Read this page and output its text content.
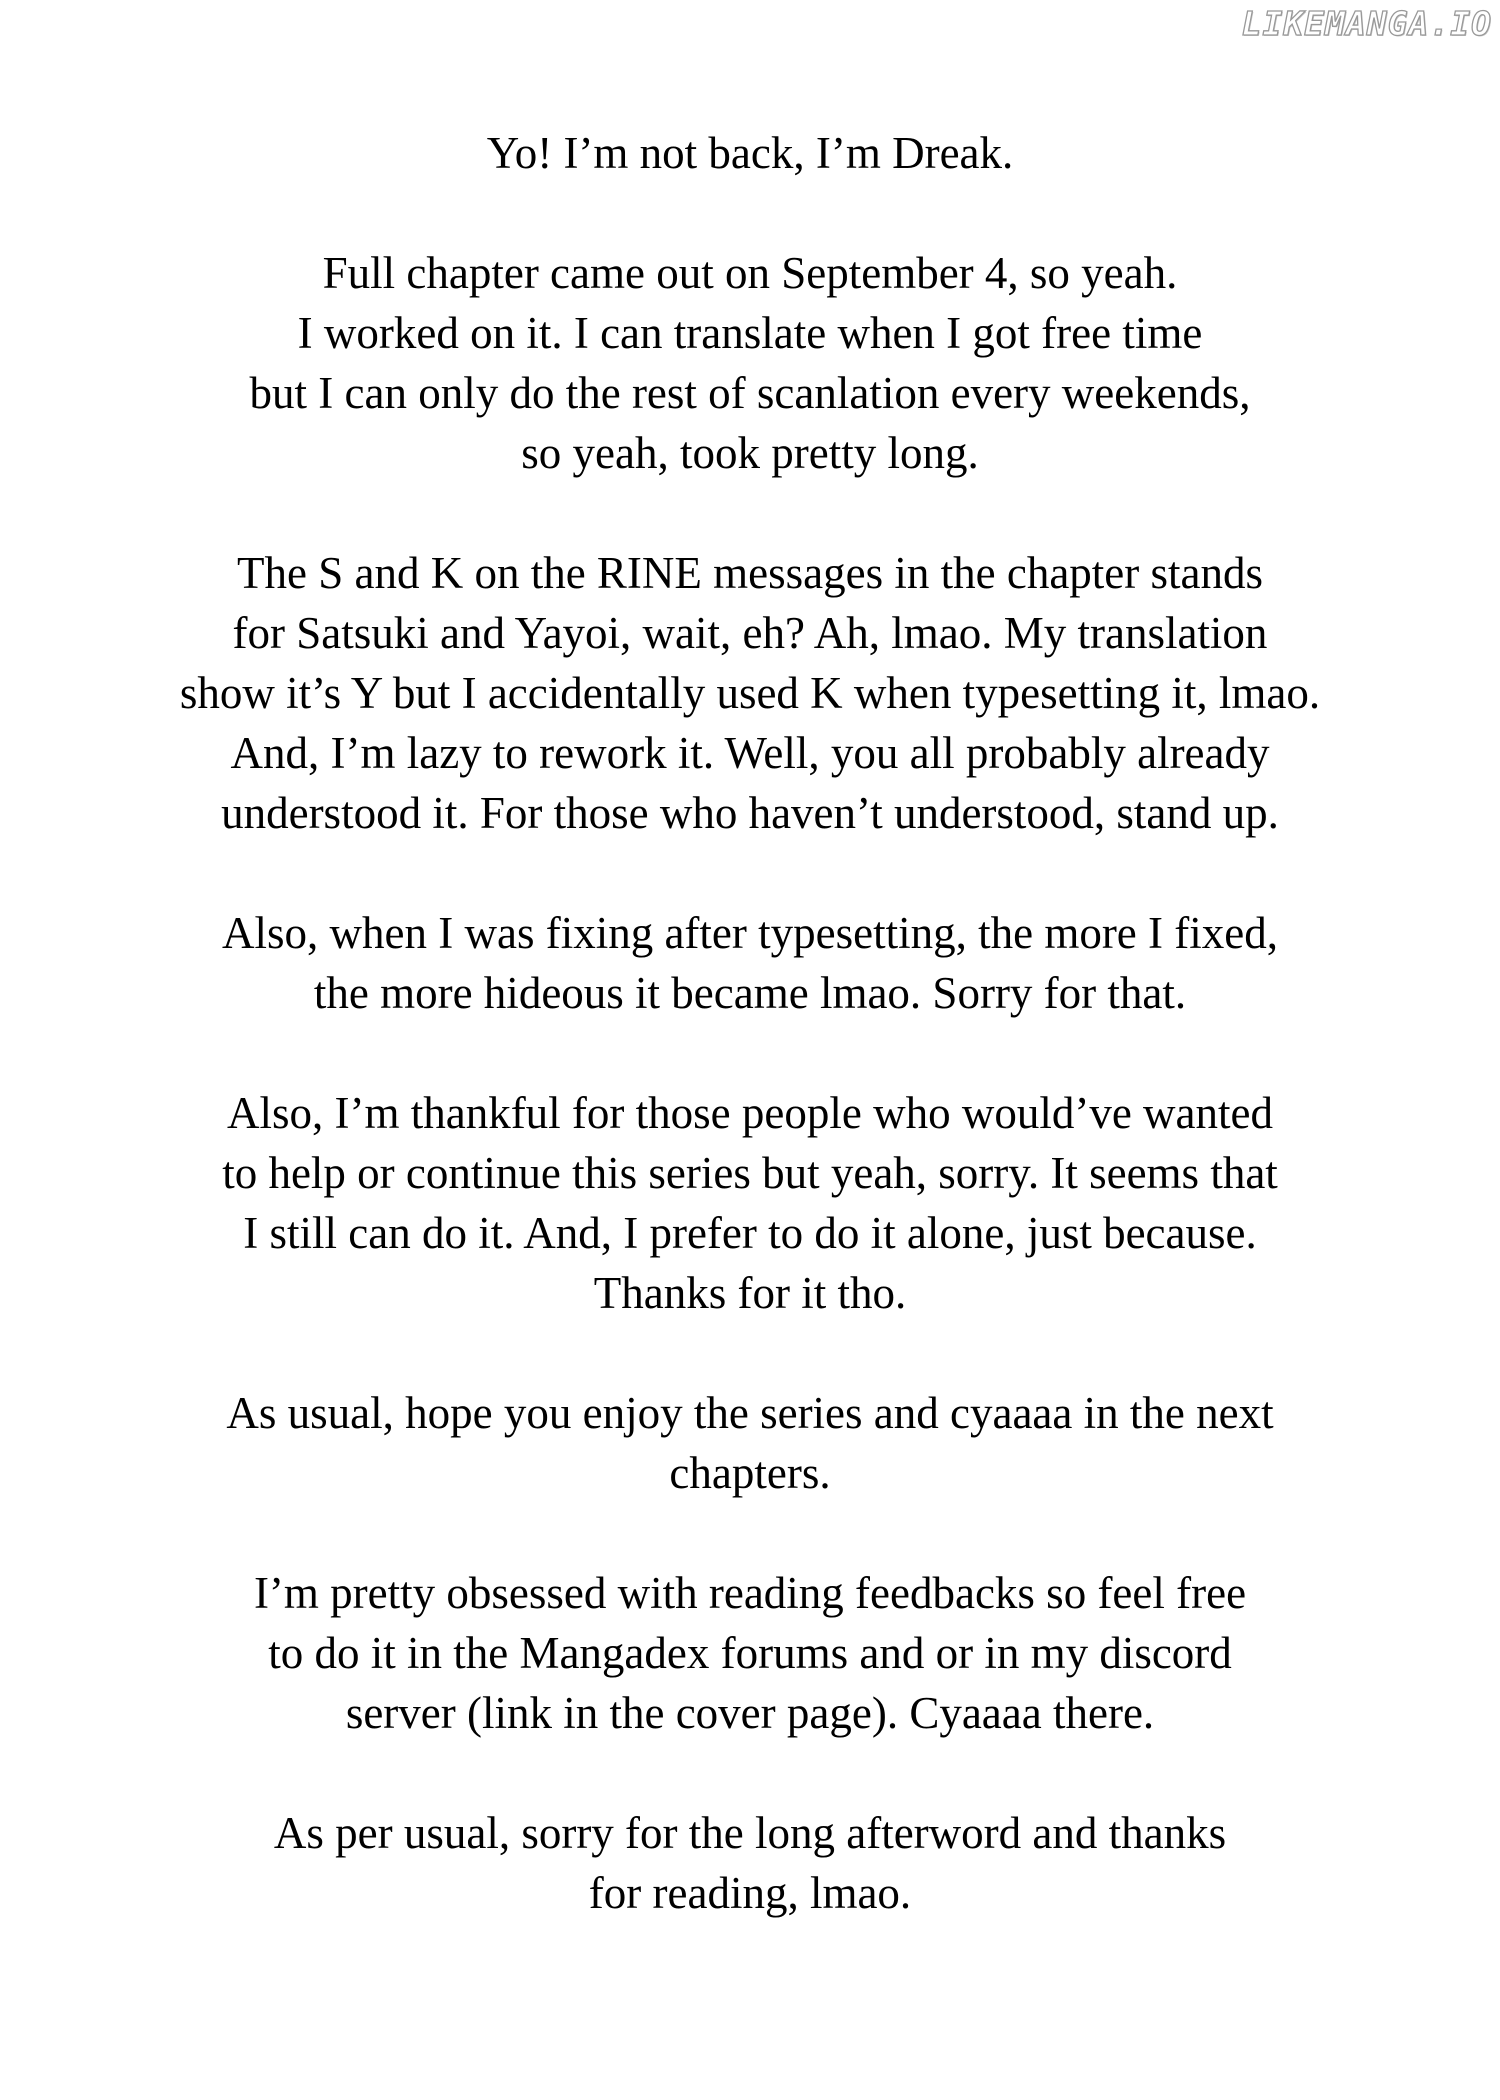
LIKEMANGA.IO
Yo! I’m not back, I’m Dreak.
Full chapter came out on September 4, so yeah.
I worked on it. I can translate when I got free time
but I can only do the rest of scanlation every weekends,
so yeah, took pretty long.
The S and K on the RINE messages in the chapter stands
for Satsuki and Yayoi, wait, eh? Ah, lmao. My translation
show it’s Y but I accidentally used K when typesetting it, lmao.
And, I’m lazy to rework it. Well, you all probably already
understood it. For those who haven’t understood, stand up.
Also, when I was fixing after typesetting, the more I fixed,
the more hideous it became lmao. Sorry for that.
Also, I’m thankful for those people who would’ve wanted
to help or continue this series but yeah, sorry. It seems that
I still can do it. And, I prefer to do it alone, just because.
Thanks for it tho.
As usual, hope you enjoy the series and cyaaaa in the next
chapters.
I’m pretty obsessed with reading feedbacks so feel free
to do it in the Mangadex forums and or in my discord
server (link in the cover page). Cyaaaa there.
As per usual, sorry for the long afterword and thanks
for reading, lmao.
